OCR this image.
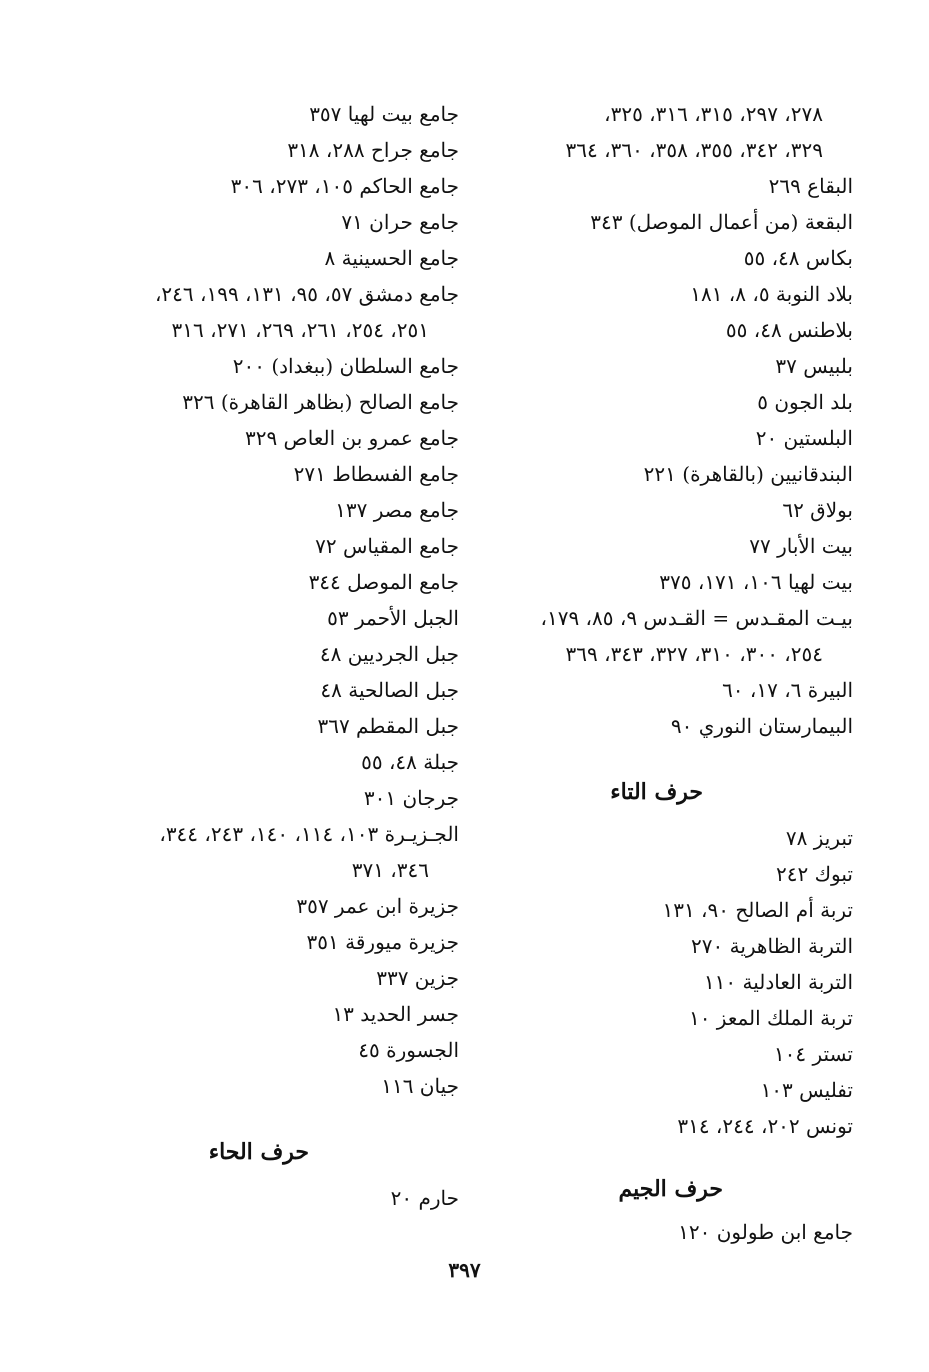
٢٧٨، ٢٩٧، ٣١٥، ٣١٦، ٣٢٥،
٣٢٩، ٣٤٢، ٣٥٥، ٣٥٨، ٣٦٠، ٣٦٤
البقاع ٢٦٩
البقعة (من أعمال الموصل) ٣٤٣
بكاس ٤٨، ٥٥
بلاد النوبة ٥، ٨، ١٨١
بلاطنس ٤٨، ٥٥
بلبيس ٣٧
بلد الجون ٥
البلستين ٢٠
البندقانيين (بالقاهرة) ٢٢١
بولاق ٦٢
بيت الأبار ٧٧
بيت لهيا ١٠٦، ١٧١، ٣٧٥
بيـت المقـدس = القـدس ٩، ٨٥، ١٧٩،
٢٥٤، ٣٠٠، ٣١٠، ٣٢٧، ٣٤٣، ٣٦٩
البيرة ٦، ١٧، ٦٠
البيمارستان النوري ٩٠
حرف التاء
تبريز ٧٨
تبوك ٢٤٢
تربة أم الصالح ٩٠، ١٣١
التربة الظاهرية ٢٧٠
التربة العادلية ١١٠
تربة الملك المعز ١٠
تستر ١٠٤
تفليس ١٠٣
تونس ٢٠٢، ٢٤٤، ٣١٤
حرف الجيم
جامع ابن طولون ١٢٠
جامع بيت لهيا ٣٥٧
جامع جراح ٢٨٨، ٣١٨
جامع الحاكم ١٠٥، ٢٧٣، ٣٠٦
جامع حران ٧١
جامع الحسينية ٨
جامع دمشق ٥٧، ٩٥، ١٣١، ١٩٩، ٢٤٦،
٢٥١، ٢٥٤، ٢٦١، ٢٦٩، ٢٧١، ٣١٦
جامع السلطان (ببغداد) ٢٠٠
جامع الصالح (بظاهر القاهرة) ٣٢٦
جامع عمرو بن العاص ٣٢٩
جامع الفسطاط ٢٧١
جامع مصر ١٣٧
جامع المقياس ٧٢
جامع الموصل ٣٤٤
الجبل الأحمر ٥٣
جبل الجرديين ٤٨
جبل الصالحية ٤٨
جبل المقطم ٣٦٧
جبلة ٤٨، ٥٥
جرجان ٣٠١
الجـزيـرة ١٠٣، ١١٤، ١٤٠، ٢٤٣، ٣٤٤،
٣٤٦، ٣٧١
جزيرة ابن عمر ٣٥٧
جزيرة ميورقة ٣٥١
جزين ٣٣٧
جسر الحديد ١٣
الجسورة ٤٥
جيان ١١٦
حرف الحاء
حارم ٢٠
٣٩٧
